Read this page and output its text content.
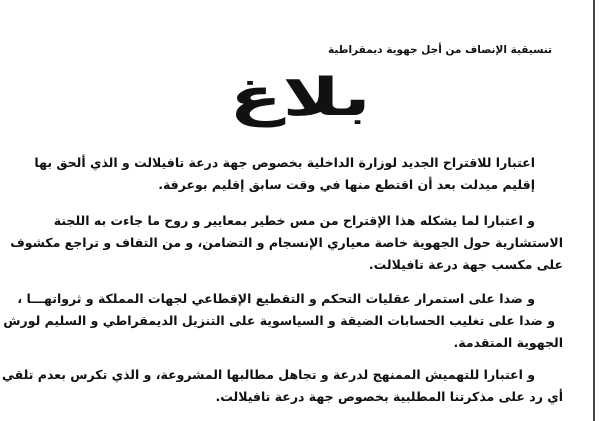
تنسيقية الإنصاف من أجل جهوية ديمقراطية
بلاغ
اعتبارا للاقتراح الجديد لوزارة الداخلية بخصوص جهة درعة تافيلالت و الذي ألحق بها
إقليم ميدلت بعد أن اقتطع منها في وقت سابق إقليم بوعرفة.
و اعتبارا لما يشكله هذا الإقتراح من مس خطير بمعايير و روح ما جاءت به اللجنة
الاستشارية حول الجهوية خاصة معياري الإنسجام و التضامن، و من التفاف و تراجع مكشوف
على مكسب جهة درعة تافيلالت.
و ضدا على استمرار عقليات التحكم و التقطيع الإقطاعي لجهات المملكة و ثرواتهـــا ،
و ضدا على تغليب الحسابات الضيقة و السياسوية على التنزيل الديمقراطي و السليم لورش
الجهوية المتقدمة.
و اعتبارا للتهميش الممنهج لدرعة و تجاهل مطالبها المشروعة، و الذي تكرس بعدم تلقي
أي رد على مذكرتنا المطلبية بخصوص جهة درعة تافيلالت.
